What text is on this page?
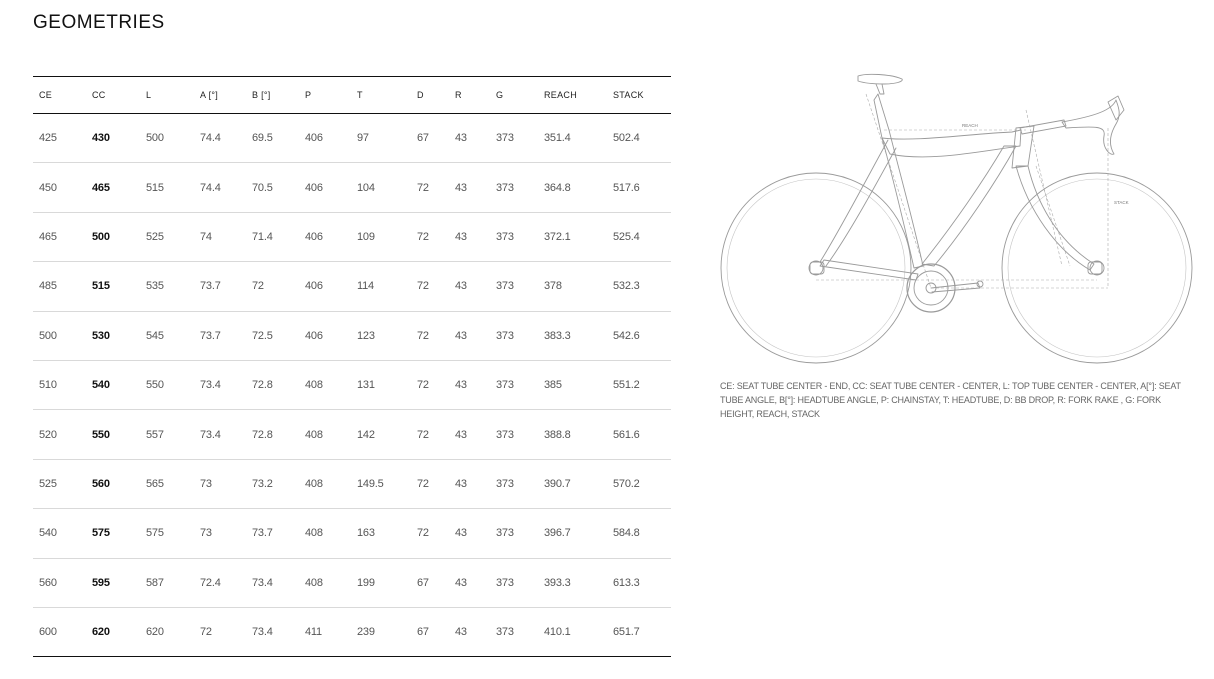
GEOMETRIES
CE	CC	L	A [°]	B [°]	P	T	D	R	G	REACH	STACK
425	430	500	74.4	69.5	406	97	67	43	373	351.4	502.4
450	465	515	74.4	70.5	406	104	72	43	373	364.8	517.6
465	500	525	74	71.4	406	109	72	43	373	372.1	525.4
485	515	535	73.7	72	406	114	72	43	373	378	532.3
500	530	545	73.7	72.5	406	123	72	43	373	383.3	542.6
510	540	550	73.4	72.8	408	131	72	43	373	385	551.2
520	550	557	73.4	72.8	408	142	72	43	373	388.8	561.6
525	560	565	73	73.2	408	149.5	72	43	373	390.7	570.2
540	575	575	73	73.7	408	163	72	43	373	396.7	584.8
560	595	587	72.4	73.4	408	199	67	43	373	393.3	613.3
600	620	620	72	73.4	411	239	67	43	373	410.1	651.7
REACH
STACK
CE: SEAT TUBE CENTER - END, CC: SEAT TUBE CENTER - CENTER, L: TOP TUBE CENTER - CENTER, A[°]: SEAT TUBE ANGLE, B[°]: HEADTUBE ANGLE, P: CHAINSTAY, T: HEADTUBE, D: BB DROP, R: FORK RAKE , G: FORK HEIGHT, REACH, STACK
